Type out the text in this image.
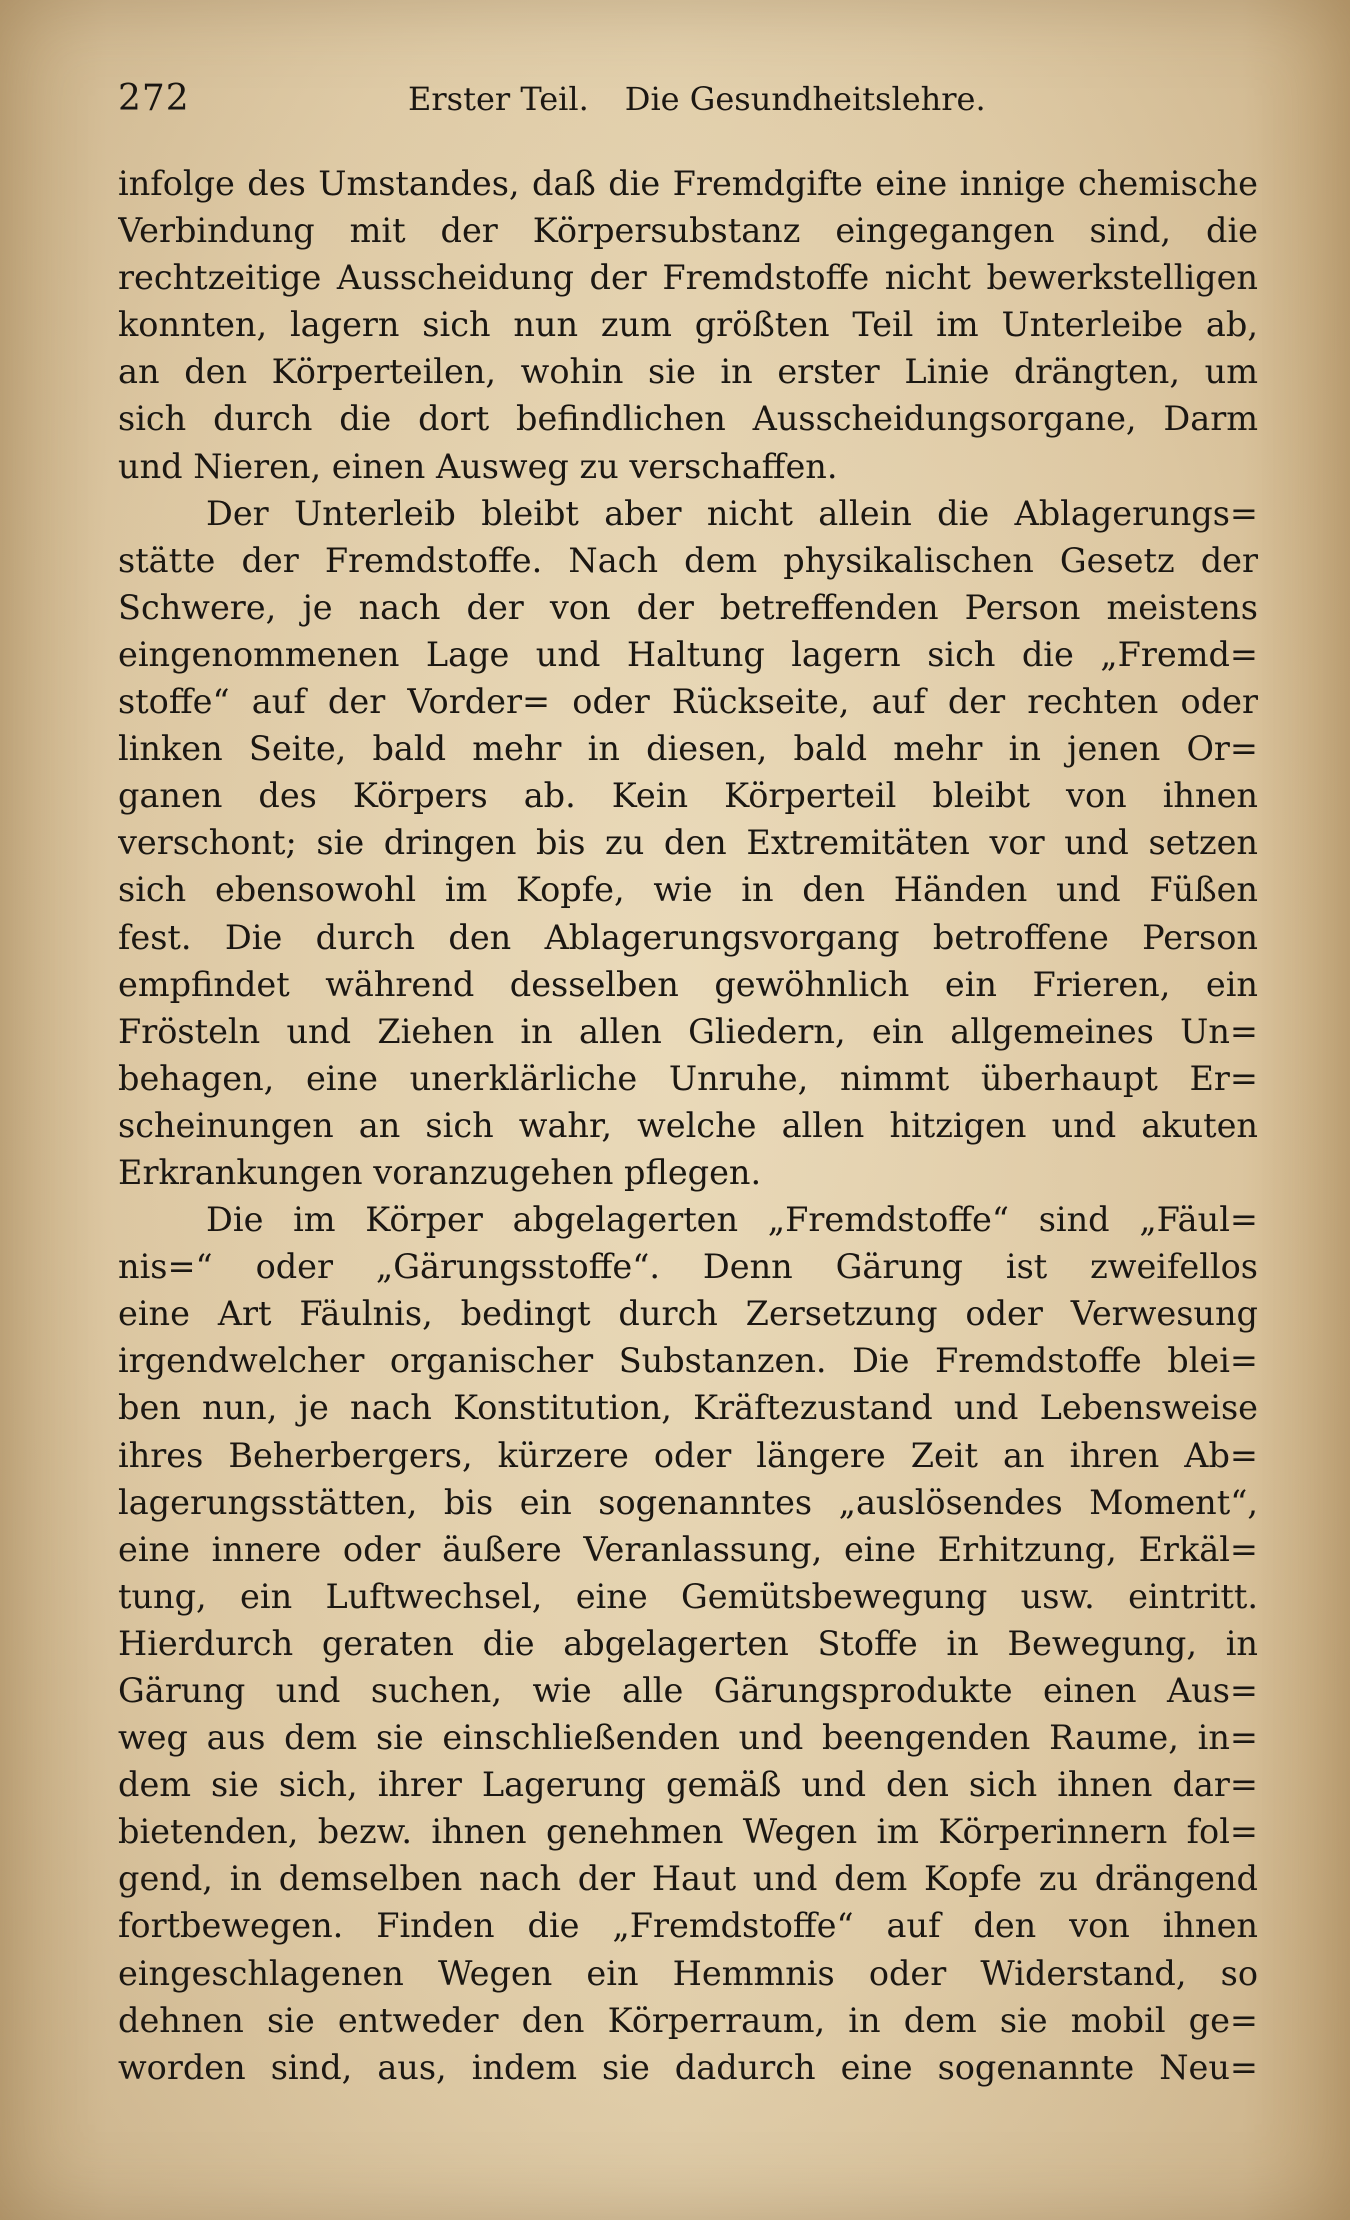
272	Erster Teil. Die Gesundheitslehre.
infolge des Umstandes, daß die Fremdgifte eine innige chemische
Verbindung mit der Körpersubstanz eingegangen sind, die
rechtzeitige Ausscheidung der Fremdstoffe nicht bewerkstelligen
konnten, lagern sich nun zum größten Teil im Unterleibe ab,
an den Körperteilen, wohin sie in erster Linie drängten, um
sich durch die dort befindlichen Ausscheidungsorgane, Darm
und Nieren, einen Ausweg zu verschaffen.
Der Unterleib bleibt aber nicht allein die Ablagerungs=
stätte der Fremdstoffe. Nach dem physikalischen Gesetz der
Schwere, je nach der von der betreffenden Person meistens
eingenommenen Lage und Haltung lagern sich die „Fremd=
stoffe“ auf der Vorder= oder Rückseite, auf der rechten oder
linken Seite, bald mehr in diesen, bald mehr in jenen Or=
ganen des Körpers ab. Kein Körperteil bleibt von ihnen
verschont; sie dringen bis zu den Extremitäten vor und setzen
sich ebensowohl im Kopfe, wie in den Händen und Füßen
fest. Die durch den Ablagerungsvorgang betroffene Person
empfindet während desselben gewöhnlich ein Frieren, ein
Frösteln und Ziehen in allen Gliedern, ein allgemeines Un=
behagen, eine unerklärliche Unruhe, nimmt überhaupt Er=
scheinungen an sich wahr, welche allen hitzigen und akuten
Erkrankungen voranzugehen pflegen.
Die im Körper abgelagerten „Fremdstoffe“ sind „Fäul=
nis=“ oder „Gärungsstoffe“. Denn Gärung ist zweifellos
eine Art Fäulnis, bedingt durch Zersetzung oder Verwesung
irgendwelcher organischer Substanzen. Die Fremdstoffe blei=
ben nun, je nach Konstitution, Kräftezustand und Lebensweise
ihres Beherbergers, kürzere oder längere Zeit an ihren Ab=
lagerungsstätten, bis ein sogenanntes „auslösendes Moment“,
eine innere oder äußere Veranlassung, eine Erhitzung, Erkäl=
tung, ein Luftwechsel, eine Gemütsbewegung usw. eintritt.
Hierdurch geraten die abgelagerten Stoffe in Bewegung, in
Gärung und suchen, wie alle Gärungsprodukte einen Aus=
weg aus dem sie einschließenden und beengenden Raume, in=
dem sie sich, ihrer Lagerung gemäß und den sich ihnen dar=
bietenden, bezw. ihnen genehmen Wegen im Körperinnern fol=
gend, in demselben nach der Haut und dem Kopfe zu drängend
fortbewegen. Finden die „Fremdstoffe“ auf den von ihnen
eingeschlagenen Wegen ein Hemmnis oder Widerstand, so
dehnen sie entweder den Körperraum, in dem sie mobil ge=
worden sind, aus, indem sie dadurch eine sogenannte Neu=
